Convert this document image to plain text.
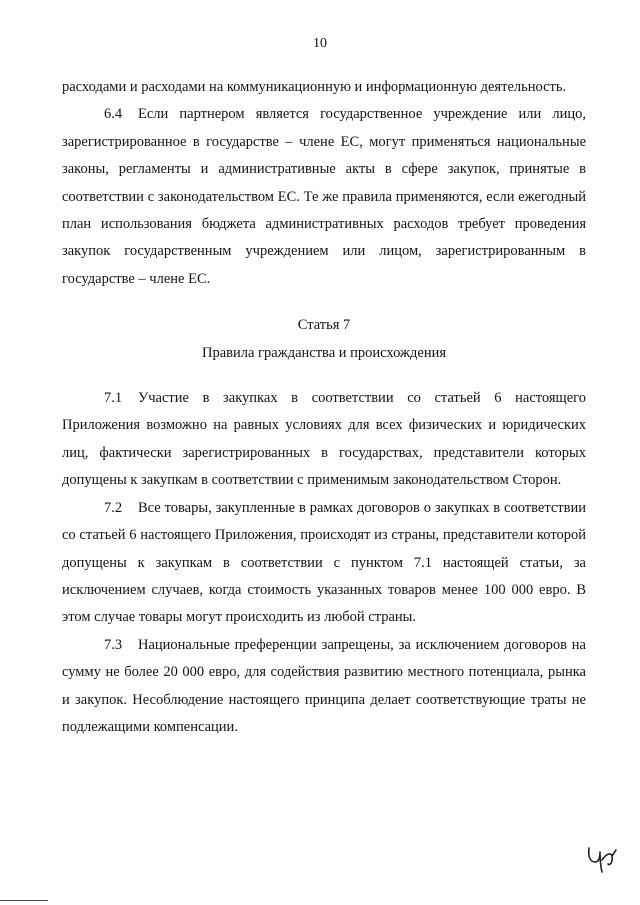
10

расходами и расходами на коммуникационную и информационную деятельность.

6.4 Если партнером является государственное учреждение или лицо, зарегистрированное в государстве – члене ЕС, могут применяться национальные законы, регламенты и административные акты в сфере закупок, принятые в соответствии с законодательством ЕС. Те же правила применяются, если ежегодный план использования бюджета административных расходов требует проведения закупок государственным учреждением или лицом, зарегистрированным в государстве – члене ЕС.

Статья 7

Правила гражданства и происхождения

7.1 Участие в закупках в соответствии со статьей 6 настоящего Приложения возможно на равных условиях для всех физических и юридических лиц, фактически зарегистрированных в государствах, представители которых допущены к закупкам в соответствии с применимым законодательством Сторон.

7.2 Все товары, закупленные в рамках договоров о закупках в соответствии со статьей 6 настоящего Приложения, происходят из страны, представители которой допущены к закупкам в соответствии с пунктом 7.1 настоящей статьи, за исключением случаев, когда стоимость указанных товаров менее 100 000 евро. В этом случае товары могут происходить из любой страны.

7.3 Национальные преференции запрещены, за исключением договоров на сумму не более 20 000 евро, для содействия развитию местного потенциала, рынка и закупок. Несоблюдение настоящего принципа делает соответствующие траты не подлежащими компенсации.
